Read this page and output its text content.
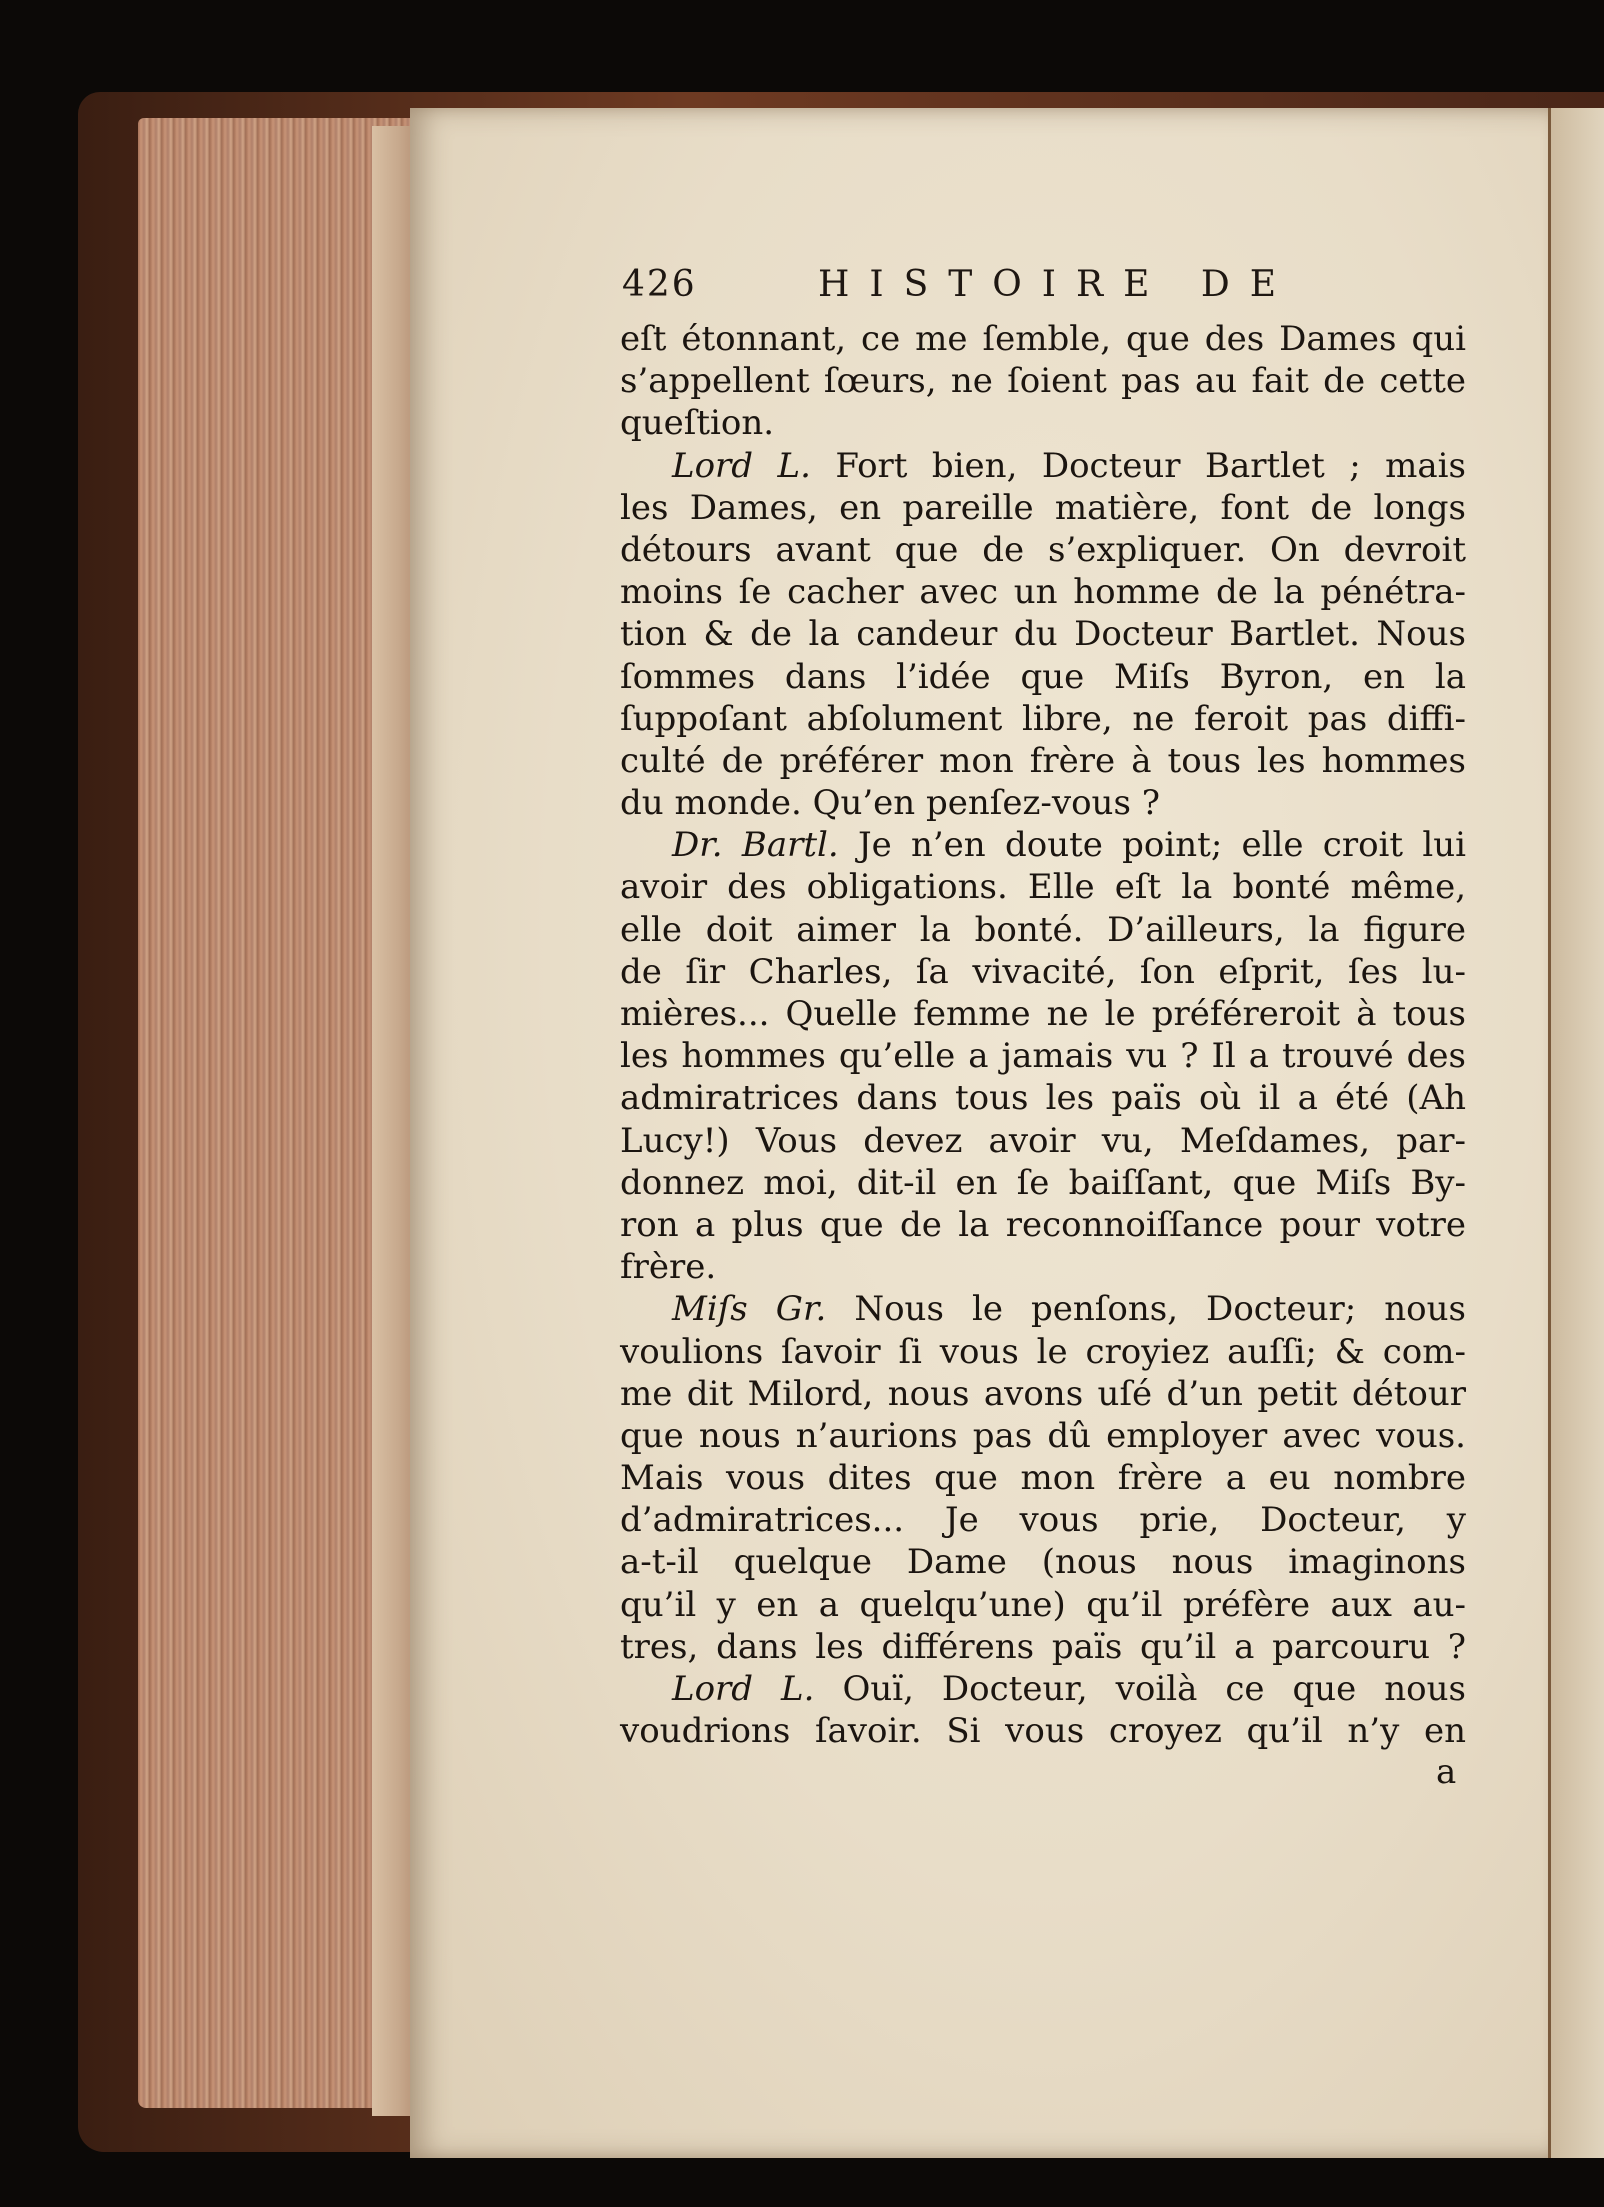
426	HISTOIRE DE
eſt étonnant, ce me ſemble, que des Dames qui
s’appellent ſœurs, ne ſoient pas au fait de cette
queſtion.
Lord L. Fort bien, Docteur Bartlet ; mais
les Dames, en pareille matière, font de longs
détours avant que de s’expliquer. On devroit
moins ſe cacher avec un homme de la pénétra-
tion & de la candeur du Docteur Bartlet. Nous
ſommes dans l’idée que Miſs Byron, en la
ſuppoſant abſolument libre, ne feroit pas diffi-
culté de préférer mon frère à tous les hommes
du monde. Qu’en penſez-vous ?
Dr. Bartl. Je n’en doute point; elle croit lui
avoir des obligations. Elle eſt la bonté même,
elle doit aimer la bonté. D’ailleurs, la figure
de ſir Charles, ſa vivacité, ſon eſprit, ſes lu-
mières... Quelle femme ne le préféreroit à tous
les hommes qu’elle a jamais vu ? Il a trouvé des
admiratrices dans tous les païs où il a été (Ah
Lucy!) Vous devez avoir vu, Meſdames, par-
donnez moi, dit-il en ſe baiſſant, que Miſs By-
ron a plus que de la reconnoiſſance pour votre
frère.
Miſs Gr. Nous le penſons, Docteur; nous
voulions ſavoir ſi vous le croyiez auſſi; & com-
me dit Milord, nous avons uſé d’un petit détour
que nous n’aurions pas dû employer avec vous.
Mais vous dites que mon frère a eu nombre
d’admiratrices... Je vous prie, Docteur, y
a-t-il quelque Dame (nous nous imaginons
qu’il y en a quelqu’une) qu’il préfère aux au-
tres, dans les différens païs qu’il a parcouru ?
Lord L. Ouï, Docteur, voilà ce que nous
voudrions ſavoir. Si vous croyez qu’il n’y en
a
